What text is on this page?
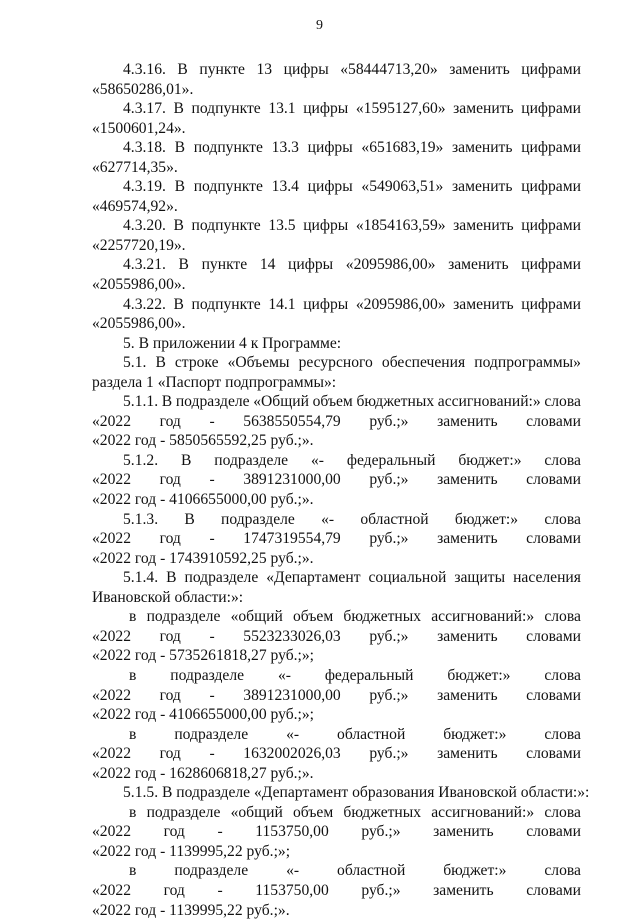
9
4.3.16. В пункте 13 цифры «58444713,20» заменить цифрами
«58650286,01».
4.3.17. В подпункте 13.1 цифры «1595127,60» заменить цифрами
«1500601,24».
4.3.18. В подпункте 13.3 цифры «651683,19» заменить цифрами
«627714,35».
4.3.19. В подпункте 13.4 цифры «549063,51» заменить цифрами
«469574,92».
4.3.20. В подпункте 13.5 цифры «1854163,59» заменить цифрами
«2257720,19».
4.3.21. В пункте 14 цифры «2095986,00» заменить цифрами
«2055986,00».
4.3.22. В подпункте 14.1 цифры «2095986,00» заменить цифрами
«2055986,00».
5. В приложении 4 к Программе:
5.1. В строке «Объемы ресурсного обеспечения подпрограммы»
раздела 1 «Паспорт подпрограммы»:
5.1.1. В подразделе «Общий объем бюджетных ассигнований:» слова
«2022 год - 5638550554,79 руб.;» заменить словами
«2022 год - 5850565592,25 руб.;».
5.1.2. В подразделе «- федеральный бюджет:» слова
«2022 год - 3891231000,00 руб.;» заменить словами
«2022 год - 4106655000,00 руб.;».
5.1.3. В подразделе «- областной бюджет:» слова
«2022 год - 1747319554,79 руб.;» заменить словами
«2022 год - 1743910592,25 руб.;».
5.1.4. В подразделе «Департамент социальной защиты населения
Ивановской области:»:
в подразделе «общий объем бюджетных ассигнований:» слова
«2022 год - 5523233026,03 руб.;» заменить словами
«2022 год - 5735261818,27 руб.;»;
в подразделе «- федеральный бюджет:» слова
«2022 год - 3891231000,00 руб.;» заменить словами
«2022 год - 4106655000,00 руб.;»;
в подразделе «- областной бюджет:» слова
«2022 год - 1632002026,03 руб.;» заменить словами
«2022 год - 1628606818,27 руб.;».
5.1.5. В подразделе «Департамент образования Ивановской области:»:
в подразделе «общий объем бюджетных ассигнований:» слова
«2022 год - 1153750,00 руб.;» заменить словами
«2022 год - 1139995,22 руб.;»;
в подразделе «- областной бюджет:» слова
«2022 год - 1153750,00 руб.;» заменить словами
«2022 год - 1139995,22 руб.;».
